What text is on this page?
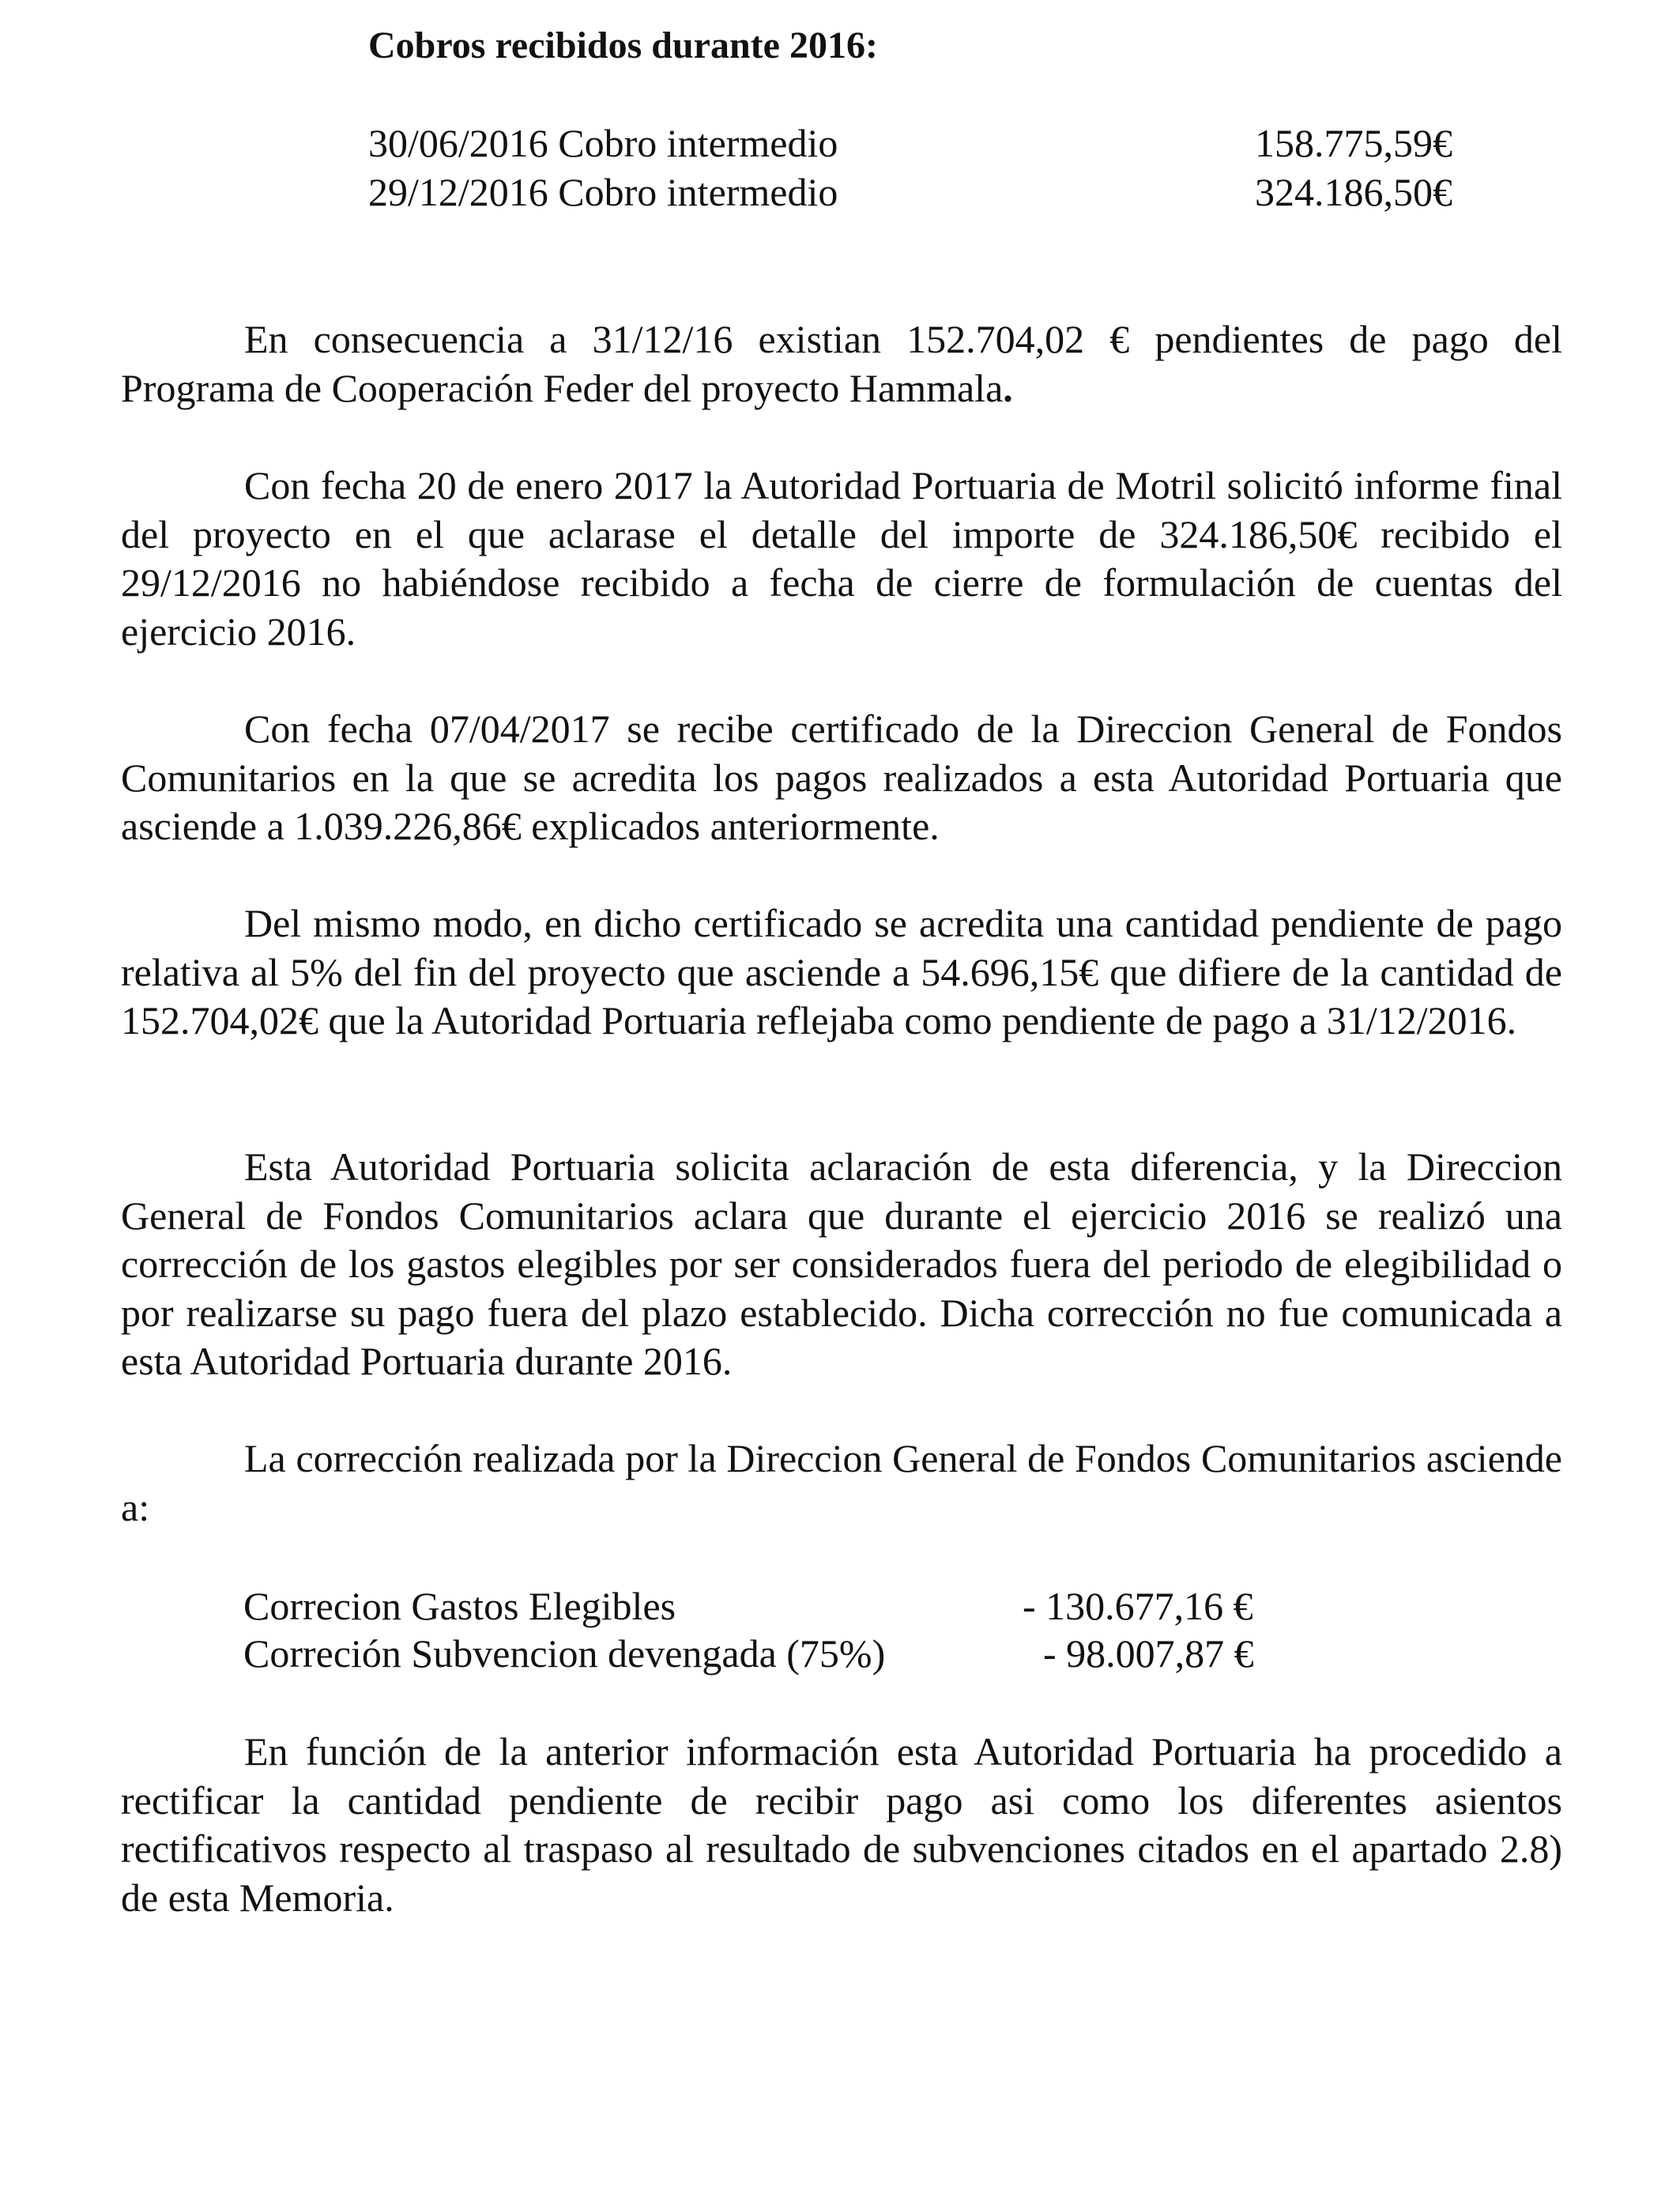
Cobros recibidos durante 2016:
30/06/2016 Cobro intermedio	158.775,59€
29/12/2016 Cobro intermedio	324.186,50€

En consecuencia a 31/12/16 existian 152.704,02 € pendientes de pago del Programa de Cooperación Feder del proyecto Hammala.

Con fecha 20 de enero 2017 la Autoridad Portuaria de Motril solicitó informe final del proyecto en el que aclarase el detalle del importe de 324.186,50€ recibido el 29/12/2016 no habiéndose recibido a fecha de cierre de formulación de cuentas del ejercicio 2016.

Con fecha 07/04/2017 se recibe certificado de la Direccion General de Fondos Comunitarios en la que se acredita los pagos realizados a esta Autoridad Portuaria que asciende a 1.039.226,86€ explicados anteriormente.

Del mismo modo, en dicho certificado se acredita una cantidad pendiente de pago relativa al 5% del fin del proyecto que asciende a 54.696,15€ que difiere de la cantidad de 152.704,02€ que la Autoridad Portuaria reflejaba como pendiente de pago a 31/12/2016.

Esta Autoridad Portuaria solicita aclaración de esta diferencia, y la Direccion General de Fondos Comunitarios aclara que durante el ejercicio 2016 se realizó una corrección de los gastos elegibles por ser considerados fuera del periodo de elegibilidad o por realizarse su pago fuera del plazo establecido. Dicha corrección no fue comunicada a esta Autoridad Portuaria durante 2016.

La corrección realizada por la Direccion General de Fondos Comunitarios asciende a:

Correcion Gastos Elegibles	- 130.677,16 €
Correción Subvencion devengada (75%)	- 98.007,87 €

En función de la anterior información esta Autoridad Portuaria ha procedido a rectificar la cantidad pendiente de recibir pago asi como los diferentes asientos rectificativos respecto al traspaso al resultado de subvenciones citados en el apartado 2.8) de esta Memoria.
